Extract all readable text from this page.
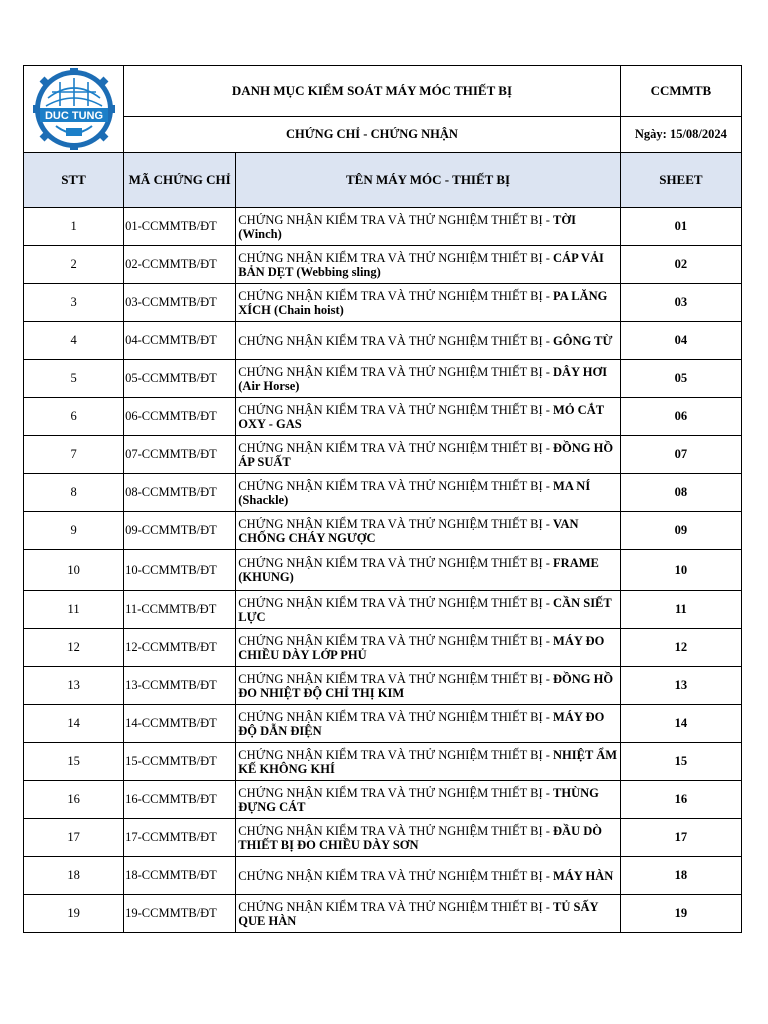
DUC TUNG	DANH MỤC KIỂM SOÁT MÁY MÓC THIẾT BỊ		CCMMTB
	CHỨNG CHỈ - CHỨNG NHẬN		Ngày: 15/08/2024
STT	MÃ CHỨNG CHỈ	TÊN MÁY MÓC - THIẾT BỊ	SHEET
1	01-CCMMTB/ĐT	CHỨNG NHẬN KIỂM TRA VÀ THỬ NGHIỆM THIẾT BỊ - TỜI (Winch)	01
2	02-CCMMTB/ĐT	CHỨNG NHẬN KIỂM TRA VÀ THỬ NGHIỆM THIẾT BỊ - CÁP VẢI BẢN DẸT (Webbing sling)	02
3	03-CCMMTB/ĐT	CHỨNG NHẬN KIỂM TRA VÀ THỬ NGHIỆM THIẾT BỊ - PA LĂNG XÍCH (Chain hoist)	03
4	04-CCMMTB/ĐT	CHỨNG NHẬN KIỂM TRA VÀ THỬ NGHIỆM THIẾT BỊ - GÔNG TỪ	04
5	05-CCMMTB/ĐT	CHỨNG NHẬN KIỂM TRA VÀ THỬ NGHIỆM THIẾT BỊ - DÂY HƠI (Air Horse)	05
6	06-CCMMTB/ĐT	CHỨNG NHẬN KIỂM TRA VÀ THỬ NGHIỆM THIẾT BỊ - MỎ CẮT OXY - GAS	06
7	07-CCMMTB/ĐT	CHỨNG NHẬN KIỂM TRA VÀ THỬ NGHIỆM THIẾT BỊ - ĐỒNG HỒ ÁP SUẤT	07
8	08-CCMMTB/ĐT	CHỨNG NHẬN KIỂM TRA VÀ THỬ NGHIỆM THIẾT BỊ - MA NÍ (Shackle)	08
9	09-CCMMTB/ĐT	CHỨNG NHẬN KIỂM TRA VÀ THỬ NGHIỆM THIẾT BỊ - VAN CHỐNG CHÁY NGƯỢC	09
10	10-CCMMTB/ĐT	CHỨNG NHẬN KIỂM TRA VÀ THỬ NGHIỆM THIẾT BỊ - FRAME (KHUNG)	10
11	11-CCMMTB/ĐT	CHỨNG NHẬN KIỂM TRA VÀ THỬ NGHIỆM THIẾT BỊ - CẦN SIẾT LỰC	11
12	12-CCMMTB/ĐT	CHỨNG NHẬN KIỂM TRA VÀ THỬ NGHIỆM THIẾT BỊ - MÁY ĐO CHIỀU DÀY LỚP PHỦ	12
13	13-CCMMTB/ĐT	CHỨNG NHẬN KIỂM TRA VÀ THỬ NGHIỆM THIẾT BỊ - ĐỒNG HỒ ĐO NHIỆT ĐỘ CHỈ THỊ KIM	13
14	14-CCMMTB/ĐT	CHỨNG NHẬN KIỂM TRA VÀ THỬ NGHIỆM THIẾT BỊ - MÁY ĐO ĐỘ DẪN ĐIỆN	14
15	15-CCMMTB/ĐT	CHỨNG NHẬN KIỂM TRA VÀ THỬ NGHIỆM THIẾT BỊ - NHIỆT ẨM KẾ KHÔNG KHÍ	15
16	16-CCMMTB/ĐT	CHỨNG NHẬN KIỂM TRA VÀ THỬ NGHIỆM THIẾT BỊ - THÙNG ĐỰNG CÁT	16
17	17-CCMMTB/ĐT	CHỨNG NHẬN KIỂM TRA VÀ THỬ NGHIỆM THIẾT BỊ - ĐẦU DÒ THIẾT BỊ ĐO CHIỀU DÀY SƠN	17
18	18-CCMMTB/ĐT	CHỨNG NHẬN KIỂM TRA VÀ THỬ NGHIỆM THIẾT BỊ - MÁY HÀN	18
19	19-CCMMTB/ĐT	CHỨNG NHẬN KIỂM TRA VÀ THỬ NGHIỆM THIẾT BỊ - TỦ SẤY QUE HÀN	19
